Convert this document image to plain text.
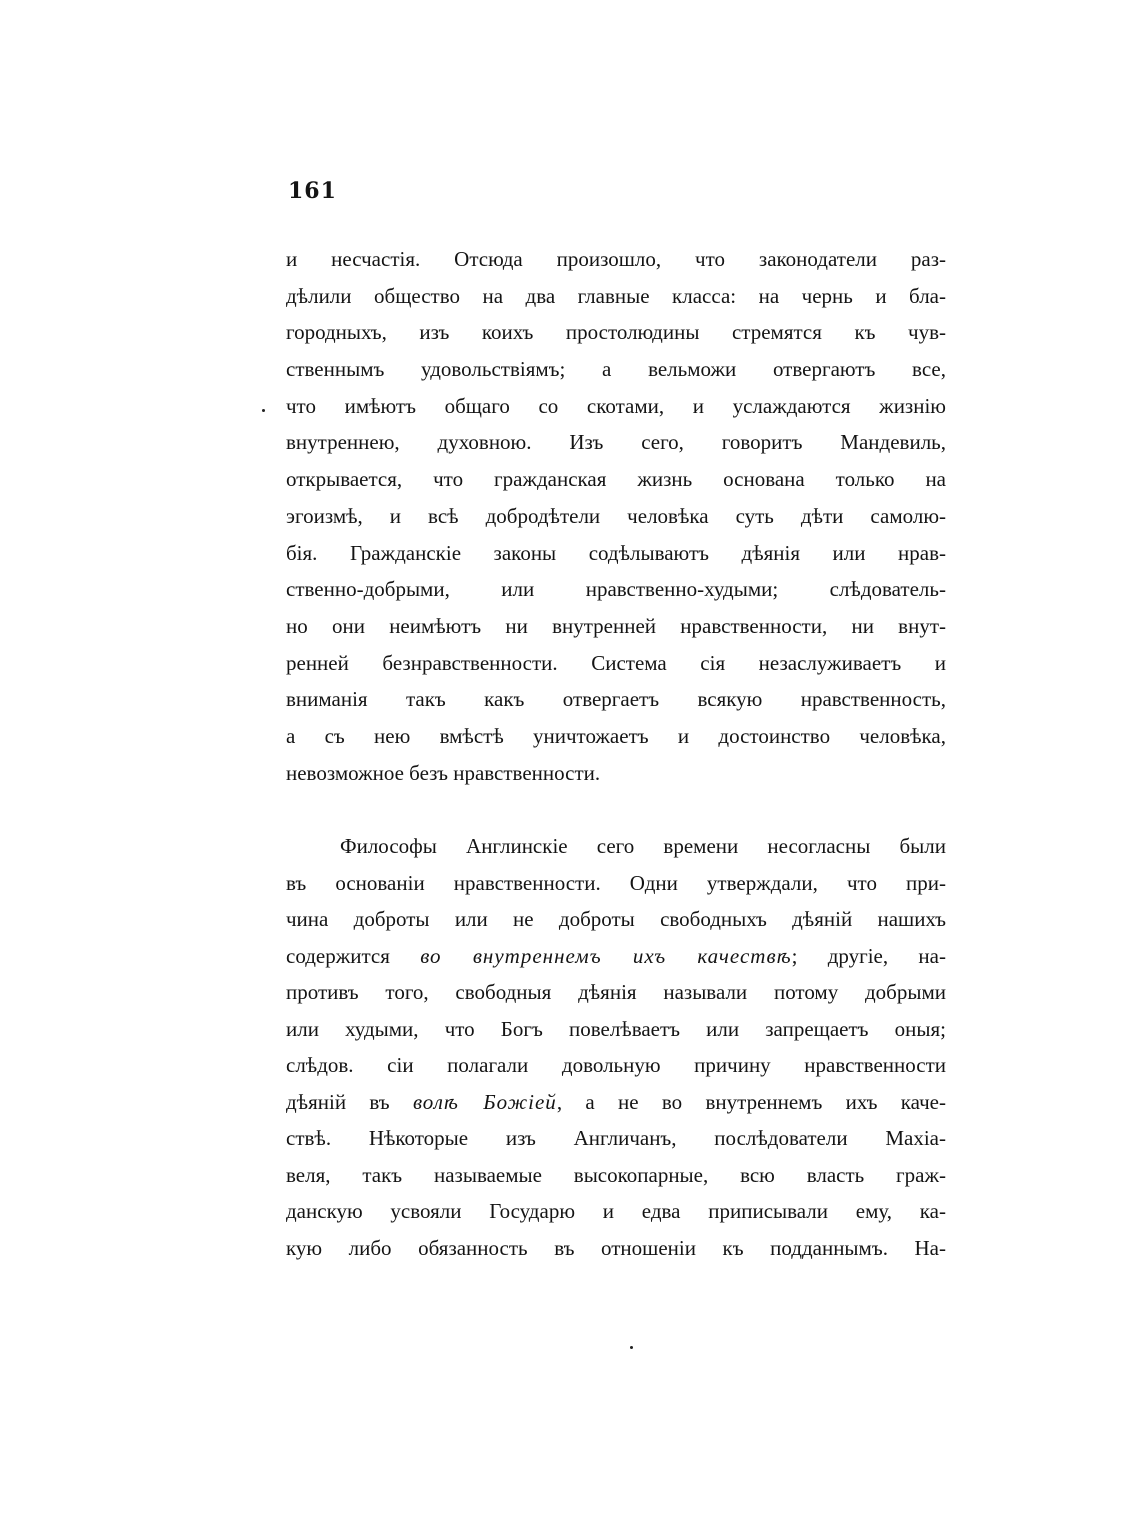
161
и несчастія. Отсюда произошло, что законодатели раз-
дѣлили общество на два главные класса: на чернь и бла-
городныхъ, изъ коихъ простолюдины стремятся къ чув-
ственнымъ удовольствіямъ; а вельможи отвергаютъ все,
что имѣютъ общаго со скотами, и услаждаются жизнію
внутреннею, духовною. Изъ сего, говоритъ Мандевиль,
открывается, что гражданская жизнь основана только на
эгоизмѣ, и всѣ добродѣтели человѣка суть дѣти самолю-
бія. Гражданскіе законы содѣлываютъ дѣянія или нрав-
ственно-добрыми, или нравственно-худыми; слѣдователь-
но они неимѣютъ ни внутренней нравственности, ни внут-
ренней безнравственности. Система сія незаслуживаетъ и
вниманія такъ какъ отвергаетъ всякую нравственность,
а съ нею вмѣстѣ уничтожаетъ и достоинство человѣка,
невозможное безъ нравственности.
Философы Англинскіе сего времени несогласны были
въ основаніи нравственности. Одни утверждали, что при-
чина доброты или не доброты свободныхъ дѣяній нашихъ
содержится во внутреннемъ ихъ качествѣ; другіе, на-
противъ того, свободныя дѣянія называли потому добрыми
или худыми, что Богъ повелѣваетъ или запрещаетъ оныя;
слѣдов. сіи полагали довольную причину нравственности
дѣяній въ волѣ Божіей, а не во внутреннемъ ихъ каче-
ствѣ. Нѣкоторые изъ Англичанъ, послѣдователи Махіа-
веля, такъ называемые высокопарные, всю власть граж-
данскую усвояли Государю и едва приписывали ему, ка-
кую либо обязанность въ отношеніи къ подданнымъ. На-
